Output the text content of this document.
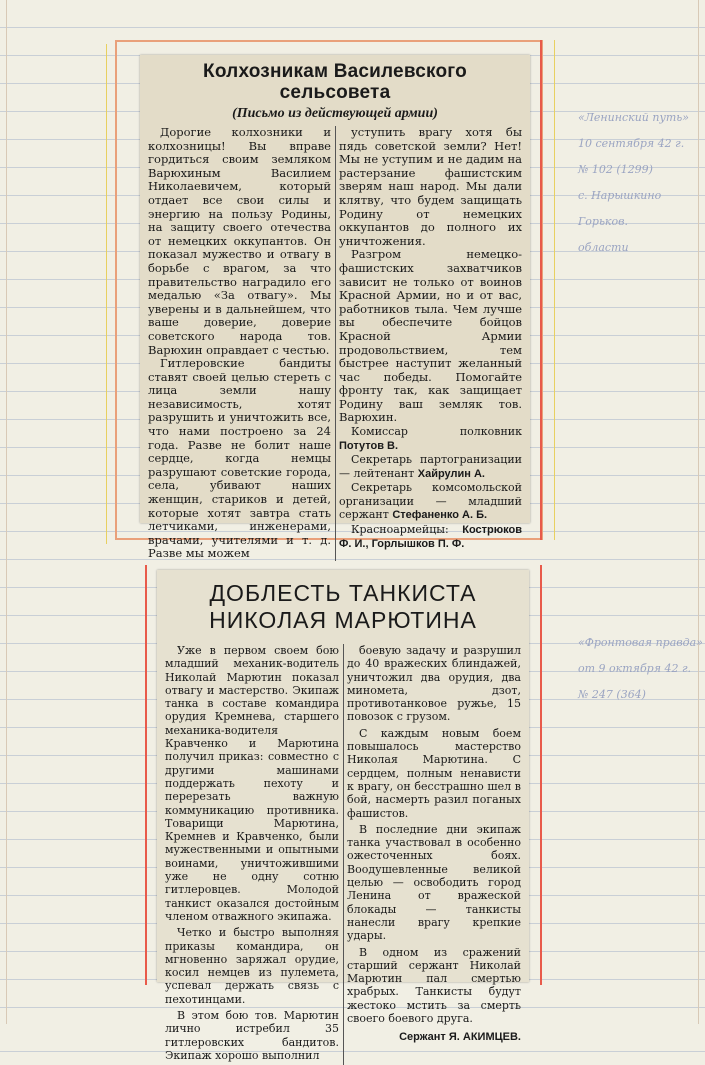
Колхозникам Василевского сельсовета
(Письмо из действующей армии)

Дорогие колхозники и колхозницы! Вы вправе гордиться своим земляком Варюхиным Василием Николаевичем, который отдает все свои силы и энергию на пользу Родины, на защиту своего отечества от немецких оккупантов. Он показал мужество и отвагу в борьбе с врагом, за что правительство наградило его медалью «За отвагу». Мы уверены и в дальнейшем, что ваше доверие, доверие советского народа тов. Варюхин оправдает с честью.

Гитлеровские бандиты ставят своей целью стереть с лица земли нашу независимость, хотят разрушить и уничтожить все, что нами построено за 24 года. Разве не болит наше сердце, когда немцы разрушают советские города, села, убивают наших женщин, стариков и детей, которые хотят завтра стать летчиками, инженерами, врачами, учителями и т. д. Разве мы можем

уступить врагу хотя бы пядь советской земли? Нет! Мы не уступим и не дадим на растерзание фашистским зверям наш народ. Мы дали клятву, что будем защищать Родину от немецких оккупантов до полного их уничтожения.

Разгром немецко-фашистских захватчиков зависит не только от воинов Красной Армии, но и от вас, работников тыла. Чем лучше вы обеспечите бойцов Красной Армии продовольствием, тем быстрее наступит желанный час победы. Помогайте фронту так, как защищает Родину ваш земляк тов. Варюхин.

Комиссар полковник Потутов В.

Секретарь партогранизации — лейтенант Хайрулин А.

Секретарь комсомольской организации — младший сержант Стефаненко А. Б.

Красноармейцы: Кострюков Ф. И., Горлышков П. Ф.

«Ленинский путь»
10 сентября 42 г.
№ 102 (1299)
с. Нарышкино Горьков.
области
ДОБЛЕСТЬ ТАНКИСТА
НИКОЛАЯ МАРЮТИНА

Уже в первом своем бою младший механик-водитель Николай Марютин показал отвагу и мастерство. Экипаж танка в составе командира орудия Кремнева, старшего механика-водителя Кравченко и Марютина получил приказ: совместно с другими машинами поддержать пехоту и перерезать важную коммуникацию противника. Товарищи Марютина, Кремнев и Кравченко, были мужественными и опытными воинами, уничтожившими уже не одну сотню гитлеровцев. Молодой танкист оказался достойным членом отважного экипажа.

Четко и быстро выполняя приказы командира, он мгновенно заряжал орудие, косил немцев из пулемета, успевал держать связь с пехотинцами.

В этом бою тов. Марютин лично истребил 35 гитлеровских бандитов. Экипаж хорошо выполнил

боевую задачу и разрушил до 40 вражеских блиндажей, уничтожил два орудия, два миномета, дзот, противотанковое ружье, 15 повозок с грузом.

С каждым новым боем повышалось мастерство Николая Марютина. С сердцем, полным ненависти к врагу, он бесстрашно шел в бой, насмерть разил поганых фашистов.

В последние дни экипаж танка участвовал в особенно ожесточенных боях. Воодушевленные великой целью — освободить город Ленина от вражеской блокады — танкисты нанесли врагу крепкие удары.

В одном из сражений старший сержант Николай Марютин пал смертью храбрых. Танкисты будут жестоко мстить за смерть своего боевого друга.

Сержант Я. АКИМЦЕВ.
«Фронтовая правда»
от 9 октября 42 г.
№ 247 (364)
